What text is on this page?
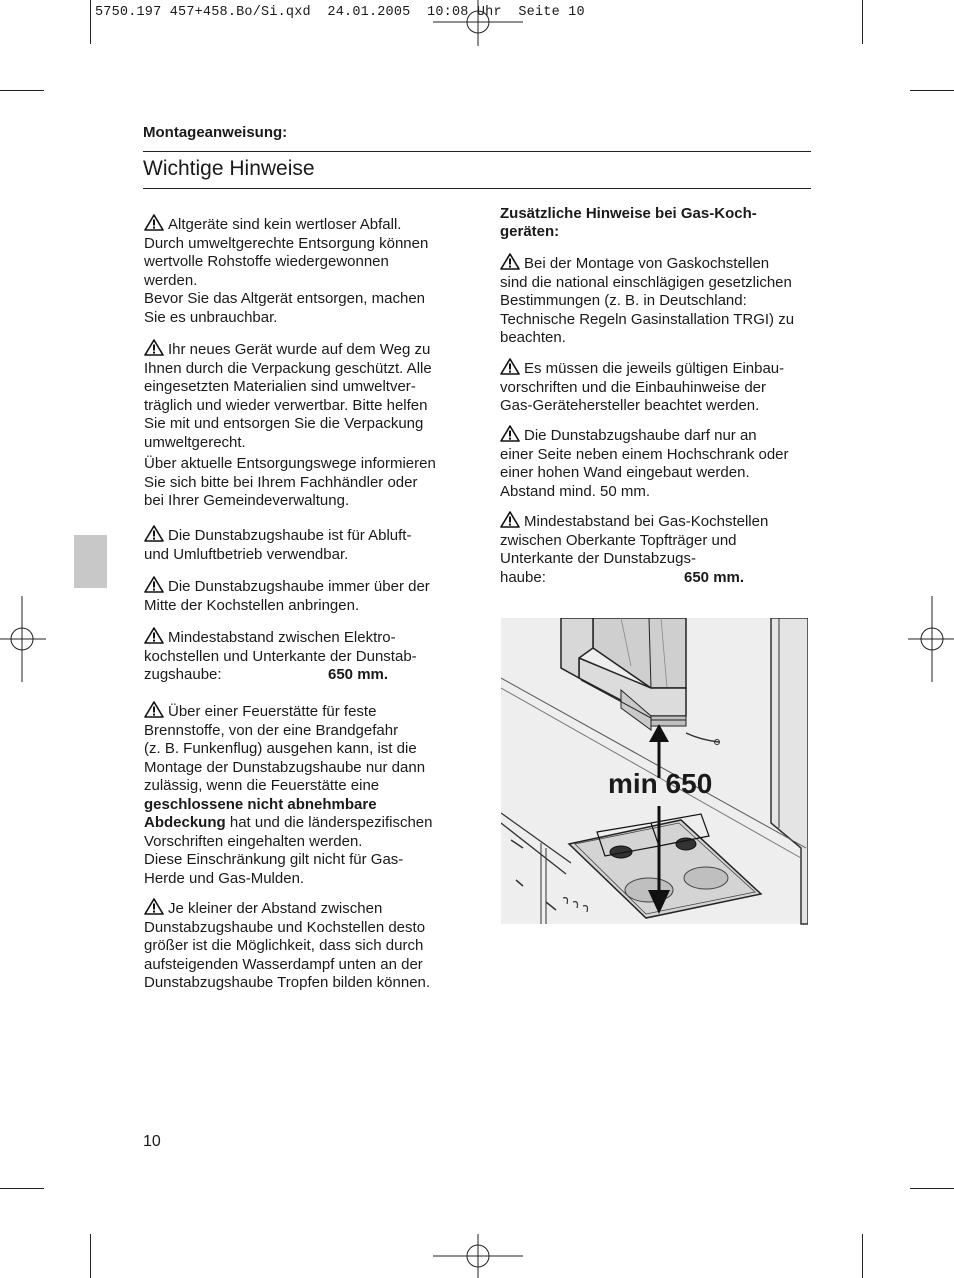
5750.197 457+458.Bo/Si.qxd  24.01.2005  10:08 Uhr  Seite 10
Montageanweisung:
Wichtige Hinweise
Altgeräte sind kein wertloser Abfall.
Durch umweltgerechte Entsorgung können
wertvolle Rohstoffe wiedergewonnen
werden.
Bevor Sie das Altgerät entsorgen, machen
Sie es unbrauchbar.
Ihr neues Gerät wurde auf dem Weg zu
Ihnen durch die Verpackung geschützt. Alle
eingesetzten Materialien sind umweltver-
träglich und wieder verwertbar. Bitte helfen
Sie mit und entsorgen Sie die Verpackung
umweltgerecht.
Über aktuelle Entsorgungswege informieren
Sie sich bitte bei Ihrem Fachhändler oder
bei Ihrer Gemeindeverwaltung.
Die Dunstabzugshaube ist für Abluft-
und Umluftbetrieb verwendbar.
Die Dunstabzugshaube immer über der
Mitte der Kochstellen anbringen.
Mindestabstand zwischen Elektro-
kochstellen und Unterkante der Dunstab-
zugshaube:	650 mm.
Über einer Feuerstätte für feste
Brennstoffe, von der eine Brandgefahr
(z. B. Funkenflug) ausgehen kann, ist die
Montage der Dunstabzugshaube nur dann
zulässig, wenn die Feuerstätte eine
geschlossene nicht abnehmbare
Abdeckung hat und die länderspezifischen
Vorschriften eingehalten werden.
Diese Einschränkung gilt nicht für Gas-
Herde und Gas-Mulden.
Je kleiner der Abstand zwischen
Dunstabzugshaube und Kochstellen desto
größer ist die Möglichkeit, dass sich durch
aufsteigenden Wasserdampf unten an der
Dunstabzugshaube Tropfen bilden können.
Zusätzliche Hinweise bei Gas-Koch-
geräten:
Bei der Montage von Gaskochstellen
sind die national einschlägigen gesetzlichen
Bestimmungen (z. B. in Deutschland:
Technische Regeln Gasinstallation TRGI) zu
beachten.
Es müssen die jeweils gültigen Einbau-
vorschriften und die Einbauhinweise der
Gas-Gerätehersteller beachtet werden.
Die Dunstabzugshaube darf nur an
einer Seite neben einem Hochschrank oder
einer hohen Wand eingebaut werden.
Abstand mind. 50 mm.
Mindestabstand bei Gas-Kochstellen
zwischen Oberkante Topfträger und
Unterkante der Dunstabzugs-
haube:	650 mm.
min 650
10
